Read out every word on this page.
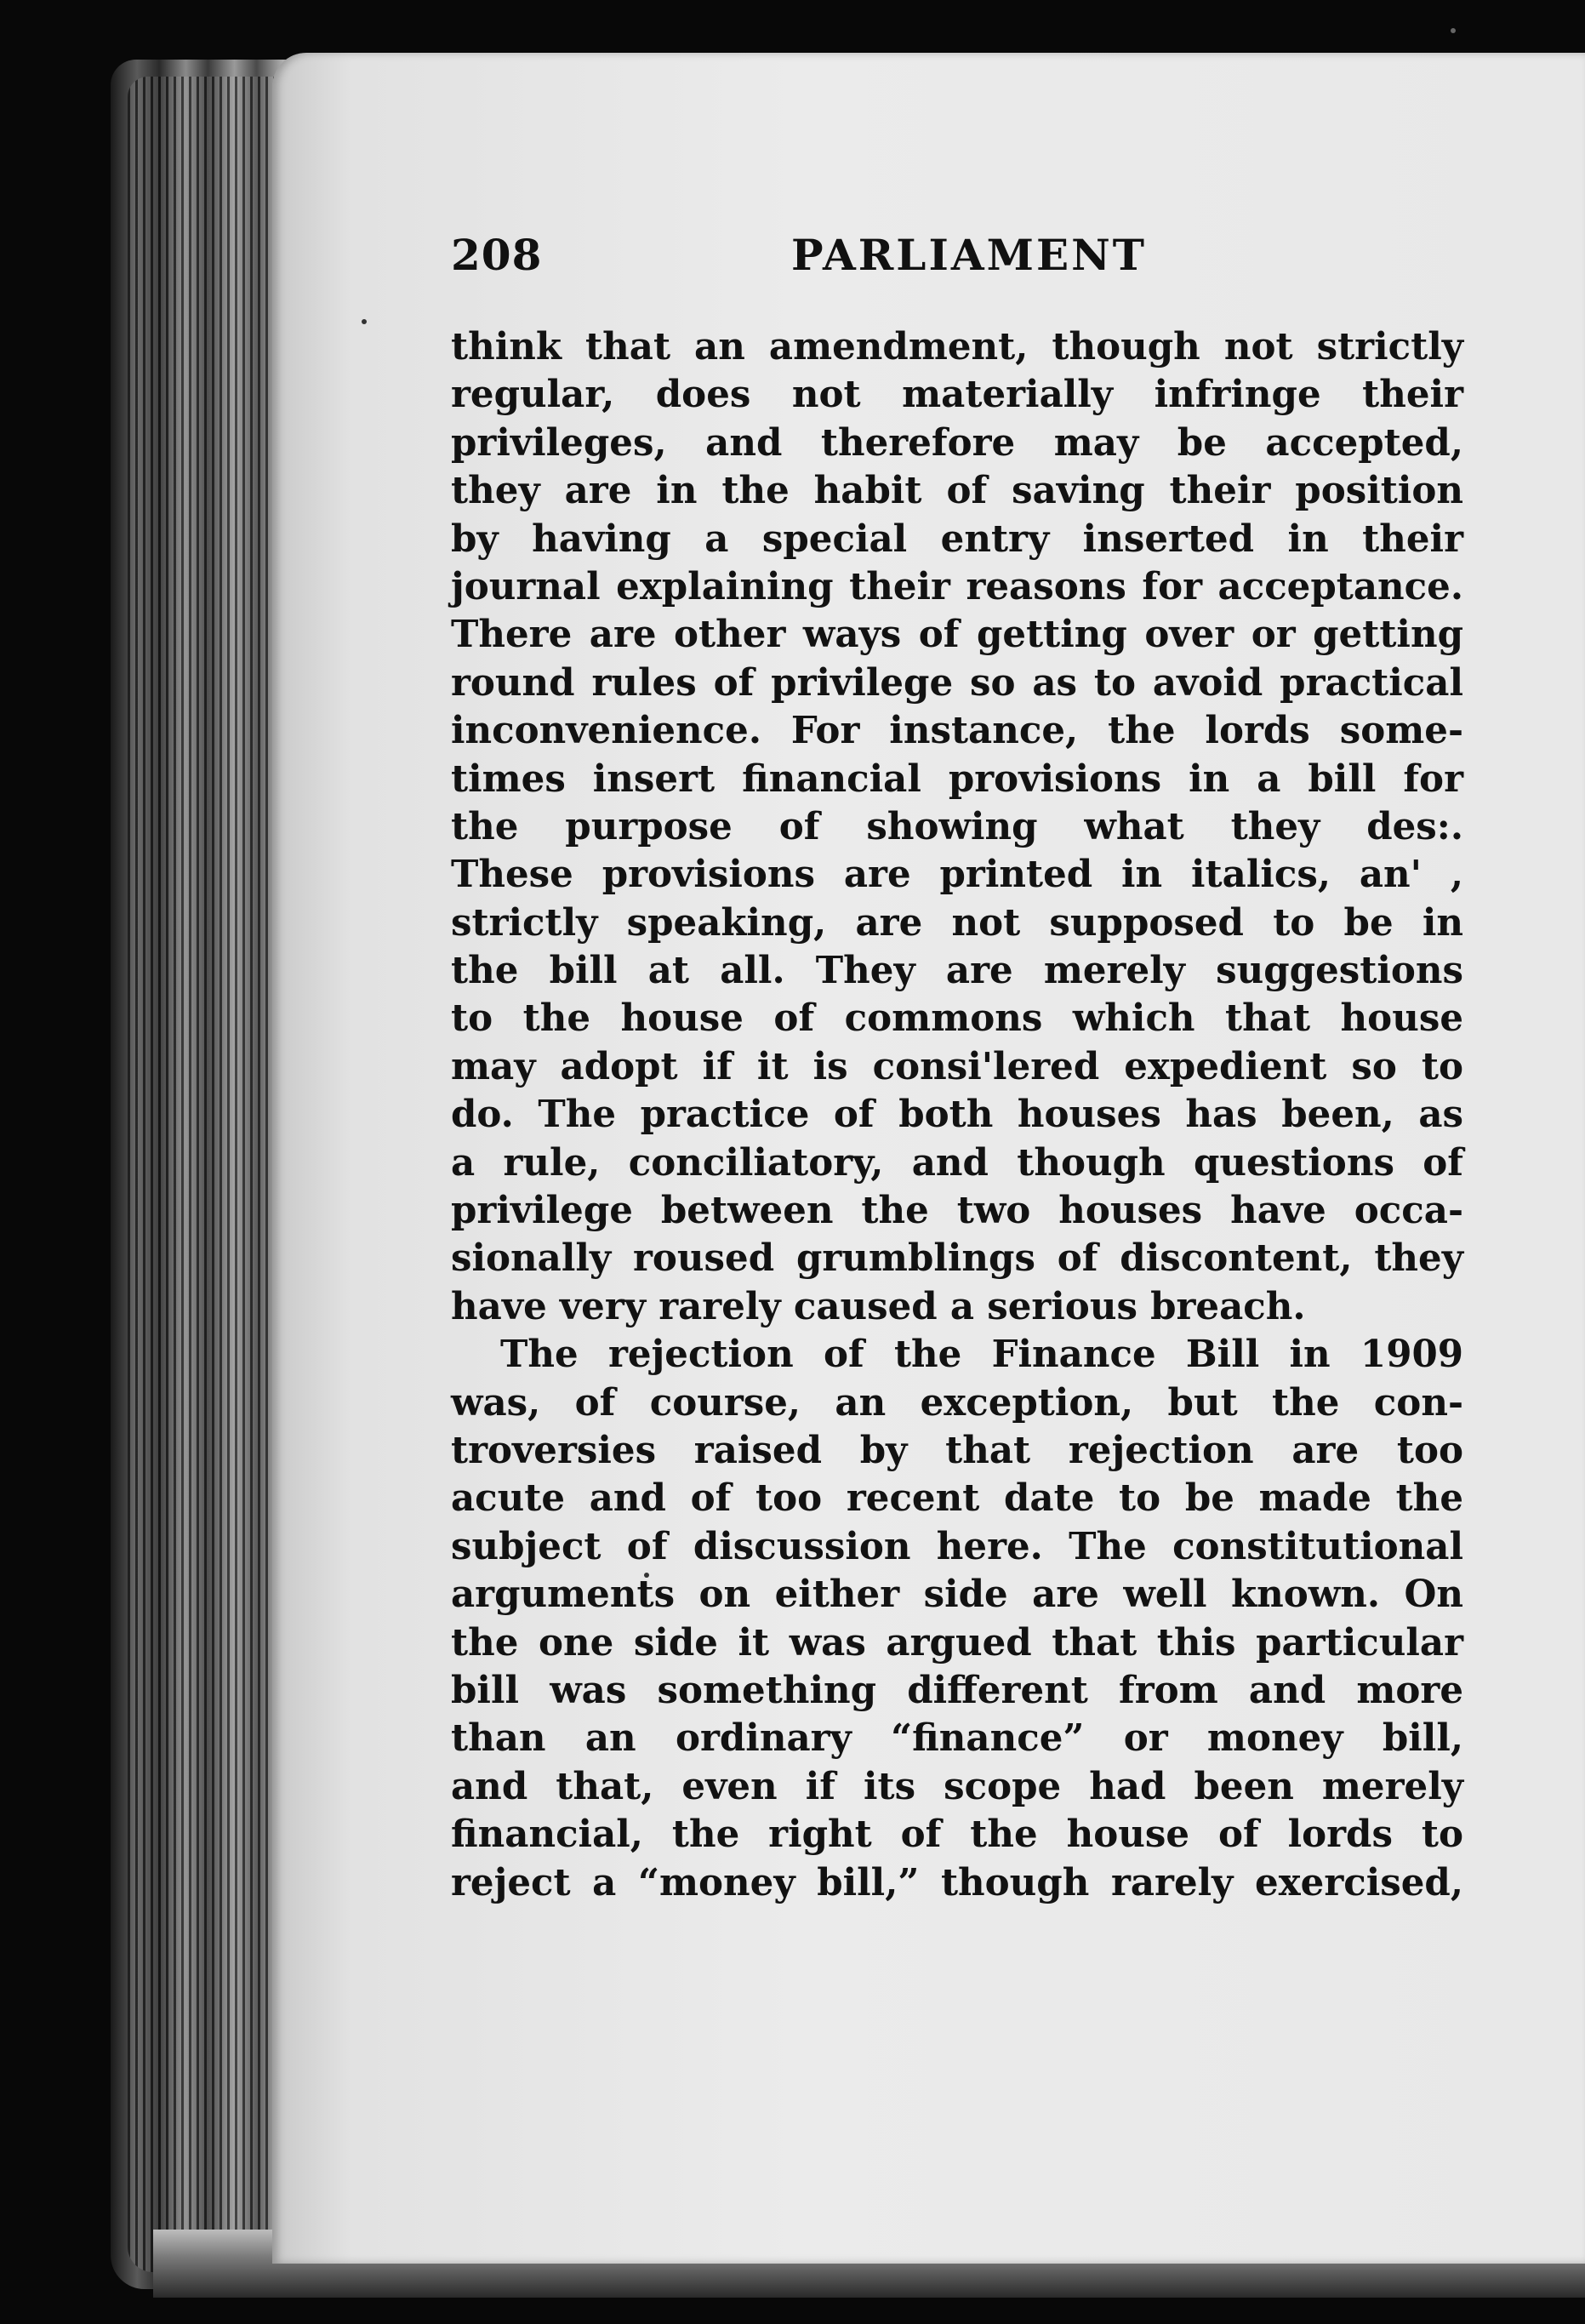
208	PARLIAMENT
think that an amendment, though not strictly
regular, does not materially infringe their
privileges, and therefore may be accepted,
they are in the habit of saving their position
by having a special entry inserted in their
journal explaining their reasons for acceptance.
There are other ways of getting over or getting
round rules of privilege so as to avoid practical
inconvenience. For instance, the lords some-
times insert financial provisions in a bill for
the purpose of showing what they des:.
These provisions are printed in italics, an' ,
strictly speaking, are not supposed to be in
the bill at all. They are merely suggestions
to the house of commons which that house
may adopt if it is consi'lered expedient so to
do. The practice of both houses has been, as
a rule, conciliatory, and though questions of
privilege between the two houses have occa-
sionally roused grumblings of discontent, they
have very rarely caused a serious breach.
The rejection of the Finance Bill in 1909
was, of course, an exception, but the con-
troversies raised by that rejection are too
acute and of too recent date to be made the
subject of discussion here. The constitutional
arguments on either side are well known. On
the one side it was argued that this particular
bill was something different from and more
than an ordinary “finance” or money bill,
and that, even if its scope had been merely
financial, the right of the house of lords to
reject a “money bill,” though rarely exercised,
